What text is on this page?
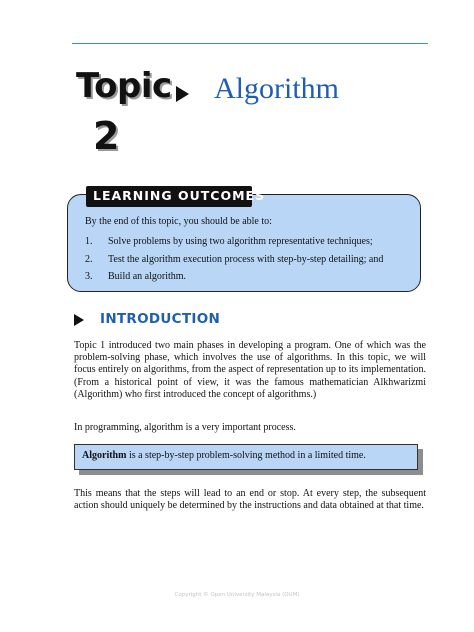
Topic
2
Algorithm
LEARNING OUTCOMES
By the end of this topic, you should be able to:
1. Solve problems by using two algorithm representative techniques;
2. Test the algorithm execution process with step-by-step detailing; and
3. Build an algorithm.
INTRODUCTION
Topic 1 introduced two main phases in developing a program. One of which was the problem-solving phase, which involves the use of algorithms. In this topic, we will focus entirely on algorithms, from the aspect of representation up to its implementation. (From a historical point of view, it was the famous mathematician Alkhwarizmi (Algorithm) who first introduced the concept of algorithms.)
In programming, algorithm is a very important process.
Algorithm is a step-by-step problem-solving method in a limited time.
This means that the steps will lead to an end or stop. At every step, the subsequent action should uniquely be determined by the instructions and data obtained at that time.
Copyright © Open University Malaysia (OUM)
